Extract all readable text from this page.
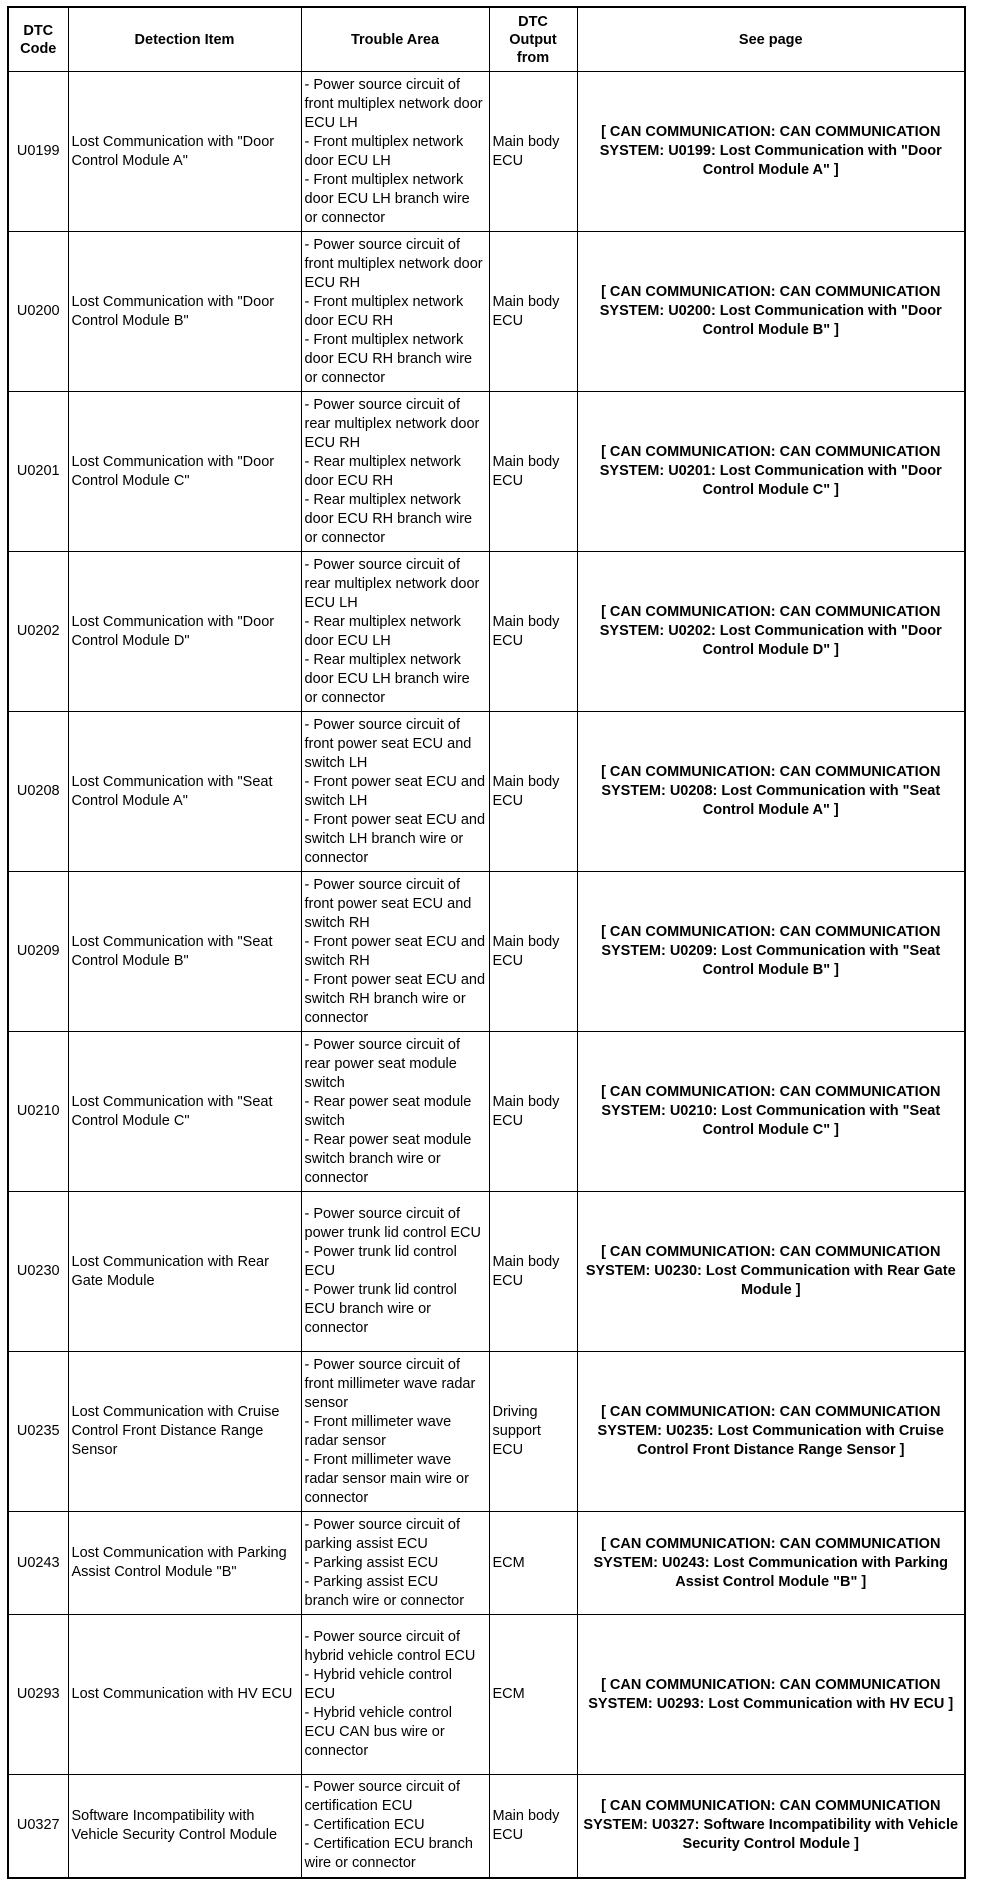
DTC Code	Detection Item	Trouble Area	DTC Output from	See page
U0199	Lost Communication with "Door Control Module A"	- Power source circuit of front multiplex network door ECU LH
- Front multiplex network door ECU LH
- Front multiplex network door ECU LH branch wire or connector	Main body ECU	[ CAN COMMUNICATION: CAN COMMUNICATION SYSTEM: U0199: Lost Communication with "Door Control Module A" ]
U0200	Lost Communication with "Door Control Module B"	- Power source circuit of front multiplex network door ECU RH
- Front multiplex network door ECU RH
- Front multiplex network door ECU RH branch wire or connector	Main body ECU	[ CAN COMMUNICATION: CAN COMMUNICATION SYSTEM: U0200: Lost Communication with "Door Control Module B" ]
U0201	Lost Communication with "Door Control Module C"	- Power source circuit of rear multiplex network door ECU RH
- Rear multiplex network door ECU RH
- Rear multiplex network door ECU RH branch wire or connector	Main body ECU	[ CAN COMMUNICATION: CAN COMMUNICATION SYSTEM: U0201: Lost Communication with "Door Control Module C" ]
U0202	Lost Communication with "Door Control Module D"	- Power source circuit of rear multiplex network door ECU LH
- Rear multiplex network door ECU LH
- Rear multiplex network door ECU LH branch wire or connector	Main body ECU	[ CAN COMMUNICATION: CAN COMMUNICATION SYSTEM: U0202: Lost Communication with "Door Control Module D" ]
U0208	Lost Communication with "Seat Control Module A"	- Power source circuit of front power seat ECU and switch LH
- Front power seat ECU and switch LH
- Front power seat ECU and switch LH branch wire or connector	Main body ECU	[ CAN COMMUNICATION: CAN COMMUNICATION SYSTEM: U0208: Lost Communication with "Seat Control Module A" ]
U0209	Lost Communication with "Seat Control Module B"	- Power source circuit of front power seat ECU and switch RH
- Front power seat ECU and switch RH
- Front power seat ECU and switch RH branch wire or connector	Main body ECU	[ CAN COMMUNICATION: CAN COMMUNICATION SYSTEM: U0209: Lost Communication with "Seat Control Module B" ]
U0210	Lost Communication with "Seat Control Module C"	- Power source circuit of rear power seat module switch
- Rear power seat module switch
- Rear power seat module switch branch wire or connector	Main body ECU	[ CAN COMMUNICATION: CAN COMMUNICATION SYSTEM: U0210: Lost Communication with "Seat Control Module C" ]
U0230	Lost Communication with Rear Gate Module	- Power source circuit of power trunk lid control ECU
- Power trunk lid control ECU
- Power trunk lid control ECU branch wire or connector	Main body ECU	[ CAN COMMUNICATION: CAN COMMUNICATION SYSTEM: U0230: Lost Communication with Rear Gate Module ]
U0235	Lost Communication with Cruise Control Front Distance Range Sensor	- Power source circuit of front millimeter wave radar sensor
- Front millimeter wave radar sensor
- Front millimeter wave radar sensor main wire or connector	Driving support ECU	[ CAN COMMUNICATION: CAN COMMUNICATION SYSTEM: U0235: Lost Communication with Cruise Control Front Distance Range Sensor ]
U0243	Lost Communication with Parking Assist Control Module "B"	- Power source circuit of parking assist ECU
- Parking assist ECU
- Parking assist ECU branch wire or connector	ECM	[ CAN COMMUNICATION: CAN COMMUNICATION SYSTEM: U0243: Lost Communication with Parking Assist Control Module "B" ]
U0293	Lost Communication with HV ECU	- Power source circuit of hybrid vehicle control ECU
- Hybrid vehicle control ECU
- Hybrid vehicle control ECU CAN bus wire or connector	ECM	[ CAN COMMUNICATION: CAN COMMUNICATION SYSTEM: U0293: Lost Communication with HV ECU ]
U0327	Software Incompatibility with Vehicle Security Control Module	- Power source circuit of certification ECU
- Certification ECU
- Certification ECU branch wire or connector	Main body ECU	[ CAN COMMUNICATION: CAN COMMUNICATION SYSTEM: U0327: Software Incompatibility with Vehicle Security Control Module ]
